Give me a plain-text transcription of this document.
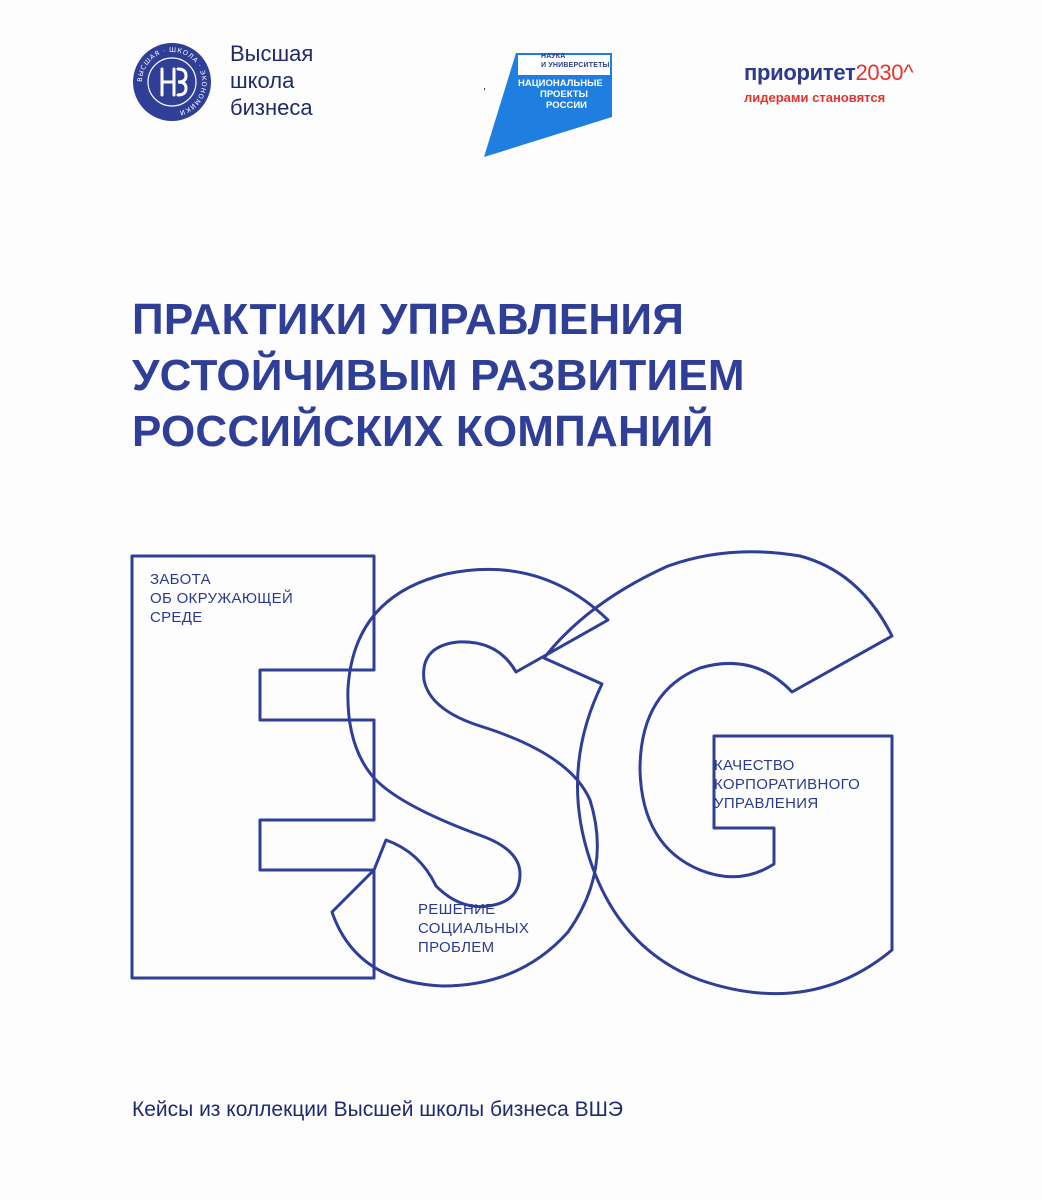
ВЫСШАЯ · ШКОЛА · ЭКОНОМИКИ
Высшая
школа
бизнеса
НАУКА
И УНИВЕРСИТЕТЫ
НАЦИОНАЛЬНЫЕ
ПРОЕКТЫ
РОССИИ
приоритет2030^
лидерами становятся
ПРАКТИКИ УПРАВЛЕНИЯ
УСТОЙЧИВЫМ РАЗВИТИЕМ
РОССИЙСКИХ КОМПАНИЙ
ЗАБОТА
ОБ ОКРУЖАЮЩЕЙ
СРЕДЕ
РЕШЕНИЕ
СОЦИАЛЬНЫХ
ПРОБЛЕМ
КАЧЕСТВО
КОРПОРАТИВНОГО
УПРАВЛЕНИЯ
Кейсы из коллекции Высшей школы бизнеса ВШЭ
